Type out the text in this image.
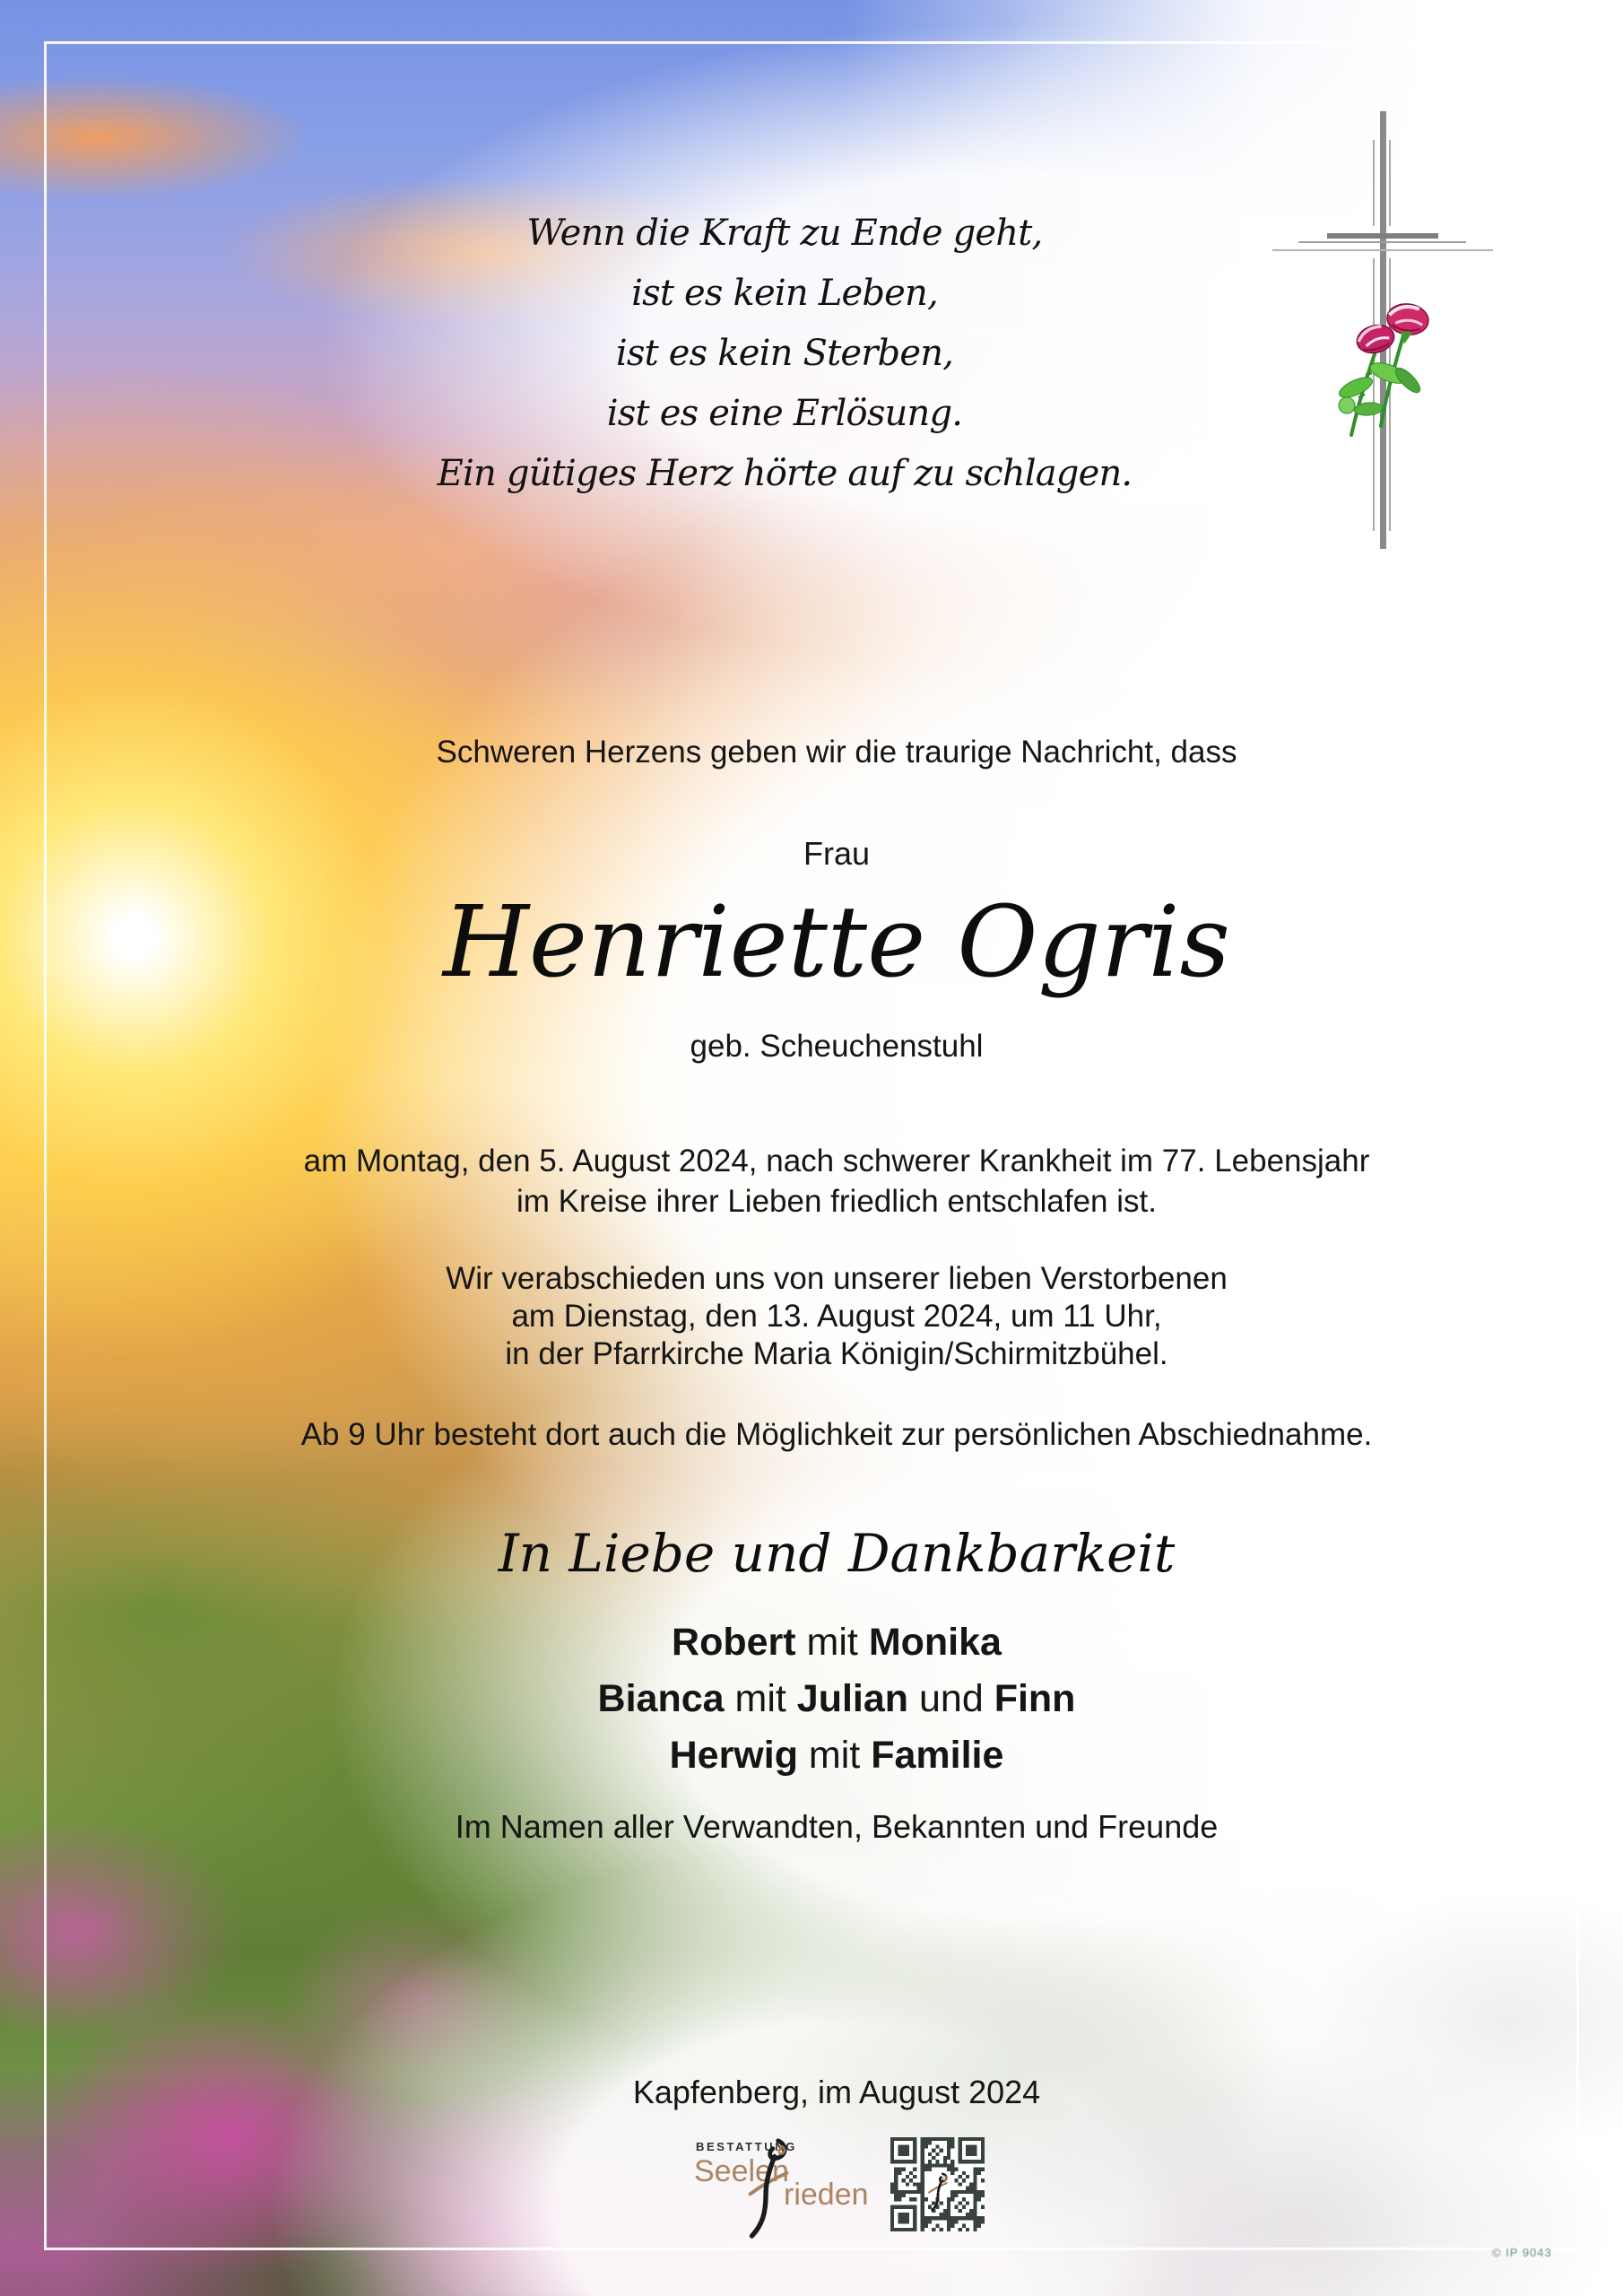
Wenn die Kraft zu Ende geht,
ist es kein Leben,
ist es kein Sterben,
ist es eine Erlösung.
Ein gütiges Herz hörte auf zu schlagen.
Schweren Herzens geben wir die traurige Nachricht, dass
Frau
Henriette Ogris
geb. Scheuchenstuhl
am Montag, den 5. August 2024, nach schwerer Krankheit im 77. Lebensjahr
im Kreise ihrer Lieben friedlich entschlafen ist.
Wir verabschieden uns von unserer lieben Verstorbenen
am Dienstag, den 13. August 2024, um 11 Uhr,
in der Pfarrkirche Maria Königin/Schirmitzbühel.
Ab 9 Uhr besteht dort auch die Möglichkeit zur persönlichen Abschiednahme.
In Liebe und Dankbarkeit
Robert mit Monika
Bianca mit Julian und Finn
Herwig mit Familie
Im Namen aller Verwandten, Bekannten und Freunde
Kapfenberg, im August 2024
BESTATTUNG
Seelen
rieden
© IP 9043
